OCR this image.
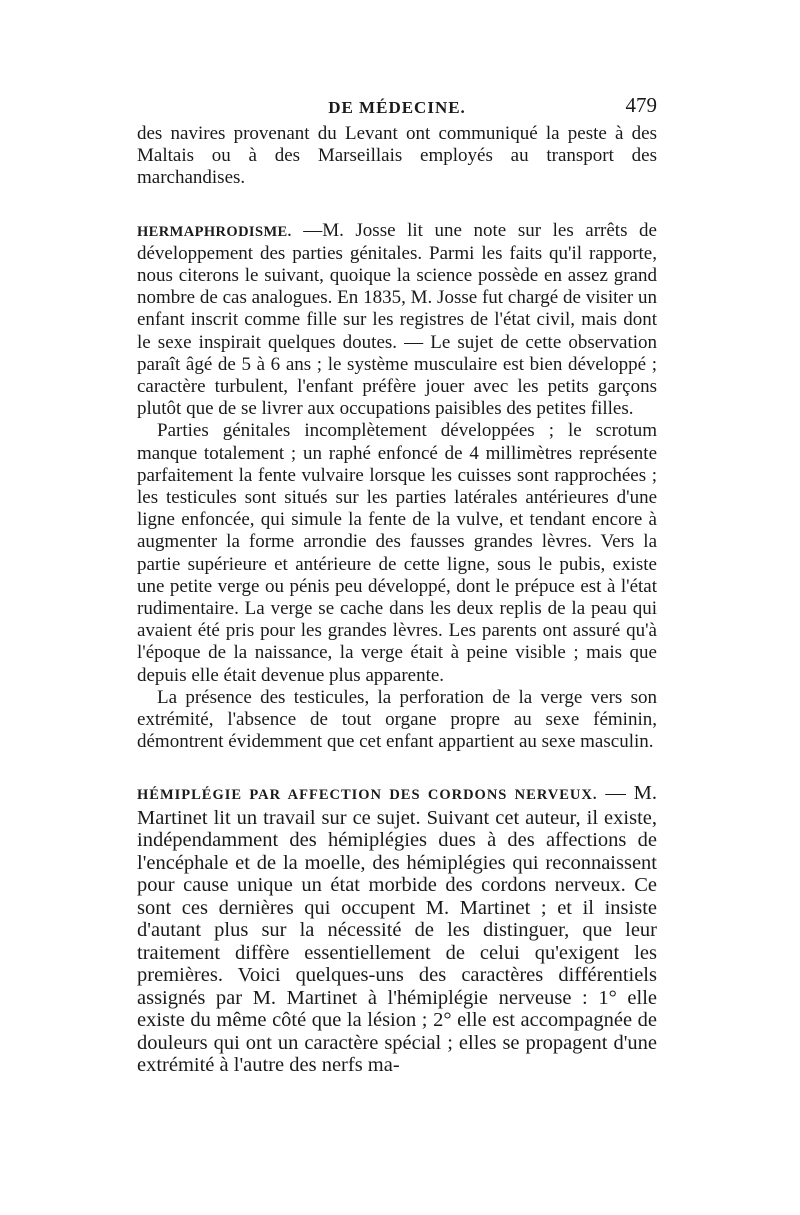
DE MÉDECINE.	479

des navires provenant du Levant ont communiqué la peste à des Maltais ou à des Marseillais employés au transport des marchandises.

HERMAPHRODISME. —M. Josse lit une note sur les arrêts de développement des parties génitales. Parmi les faits qu'il rapporte, nous citerons le suivant, quoique la science possède en assez grand nombre de cas analogues. En 1835, M. Josse fut chargé de visiter un enfant inscrit comme fille sur les registres de l'état civil, mais dont le sexe inspirait quelques doutes. — Le sujet de cette observation paraît âgé de 5 à 6 ans ; le système musculaire est bien développé ; caractère turbulent, l'enfant préfère jouer avec les petits garçons plutôt que de se livrer aux occupations paisibles des petites filles.

Parties génitales incomplètement développées ; le scrotum manque totalement ; un raphé enfoncé de 4 millimètres représente parfaitement la fente vulvaire lorsque les cuisses sont rapprochées ; les testicules sont situés sur les parties latérales antérieures d'une ligne enfoncée, qui simule la fente de la vulve, et tendant encore à augmenter la forme arrondie des fausses grandes lèvres. Vers la partie supérieure et antérieure de cette ligne, sous le pubis, existe une petite verge ou pénis peu développé, dont le prépuce est à l'état rudimentaire. La verge se cache dans les deux replis de la peau qui avaient été pris pour les grandes lèvres. Les parents ont assuré qu'à l'époque de la naissance, la verge était à peine visible ; mais que depuis elle était devenue plus apparente.

La présence des testicules, la perforation de la verge vers son extrémité, l'absence de tout organe propre au sexe féminin, démontrent évidemment que cet enfant appartient au sexe masculin.

HÉMIPLÉGIE PAR AFFECTION DES CORDONS NERVEUX. — M. Martinet lit un travail sur ce sujet. Suivant cet auteur, il existe, indépendamment des hémiplégies dues à des affections de l'encéphale et de la moelle, des hémiplégies qui reconnaissent pour cause unique un état morbide des cordons nerveux. Ce sont ces dernières qui occupent M. Martinet ; et il insiste d'autant plus sur la nécessité de les distinguer, que leur traitement diffère essentiellement de celui qu'exigent les premières. Voici quelques-uns des caractères différentiels assignés par M. Martinet à l'hémiplégie nerveuse : 1° elle existe du même côté que la lésion ; 2° elle est accompagnée de douleurs qui ont un caractère spécial ; elles se propagent d'une extrémité à l'autre des nerfs ma-
